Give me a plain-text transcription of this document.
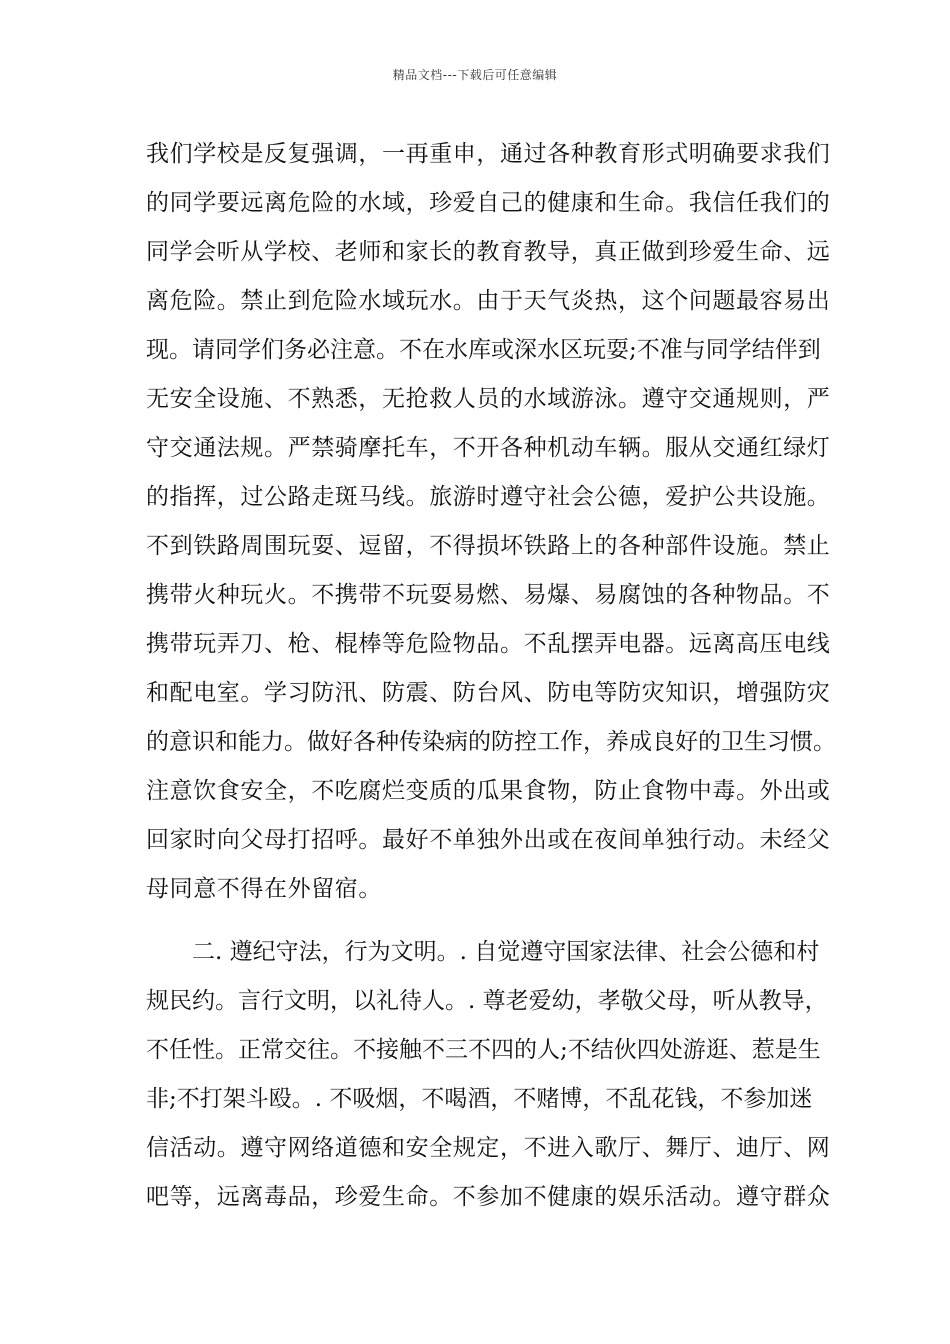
精品文档---下载后可任意编辑
我们学校是反复强调，一再重申，通过各种教育形式明确要求我们
的同学要远离危险的水域，珍爱自己的健康和生命。我信任我们的
同学会听从学校、老师和家长的教育教导，真正做到珍爱生命、远
离危险。禁止到危险水域玩水。由于天气炎热，这个问题最容易出
现。请同学们务必注意。不在水库或深水区玩耍;不准与同学结伴到
无安全设施、不熟悉，无抢救人员的水域游泳。遵守交通规则，严
守交通法规。严禁骑摩托车，不开各种机动车辆。服从交通红绿灯
的指挥，过公路走斑马线。旅游时遵守社会公德，爱护公共设施。
不到铁路周围玩耍、逗留，不得损坏铁路上的各种部件设施。禁止
携带火种玩火。不携带不玩耍易燃、易爆、易腐蚀的各种物品。不
携带玩弄刀、枪、棍棒等危险物品。不乱摆弄电器。远离高压电线
和配电室。学习防汛、防震、防台风、防电等防灾知识，增强防灾
的意识和能力。做好各种传染病的防控工作，养成良好的卫生习惯。
注意饮食安全，不吃腐烂变质的瓜果食物，防止食物中毒。外出或
回家时向父母打招呼。最好不单独外出或在夜间单独行动。未经父
母同意不得在外留宿。
二. 遵纪守法，行为文明。. 自觉遵守国家法律、社会公德和村
规民约。言行文明，以礼待人。. 尊老爱幼，孝敬父母，听从教导，
不任性。正常交往。不接触不三不四的人;不结伙四处游逛、惹是生
非;不打架斗殴。. 不吸烟，不喝酒，不赌博，不乱花钱，不参加迷
信活动。遵守网络道德和安全规定，不进入歌厅、舞厅、迪厅、网
吧等，远离毒品，珍爱生命。不参加不健康的娱乐活动。遵守群众
